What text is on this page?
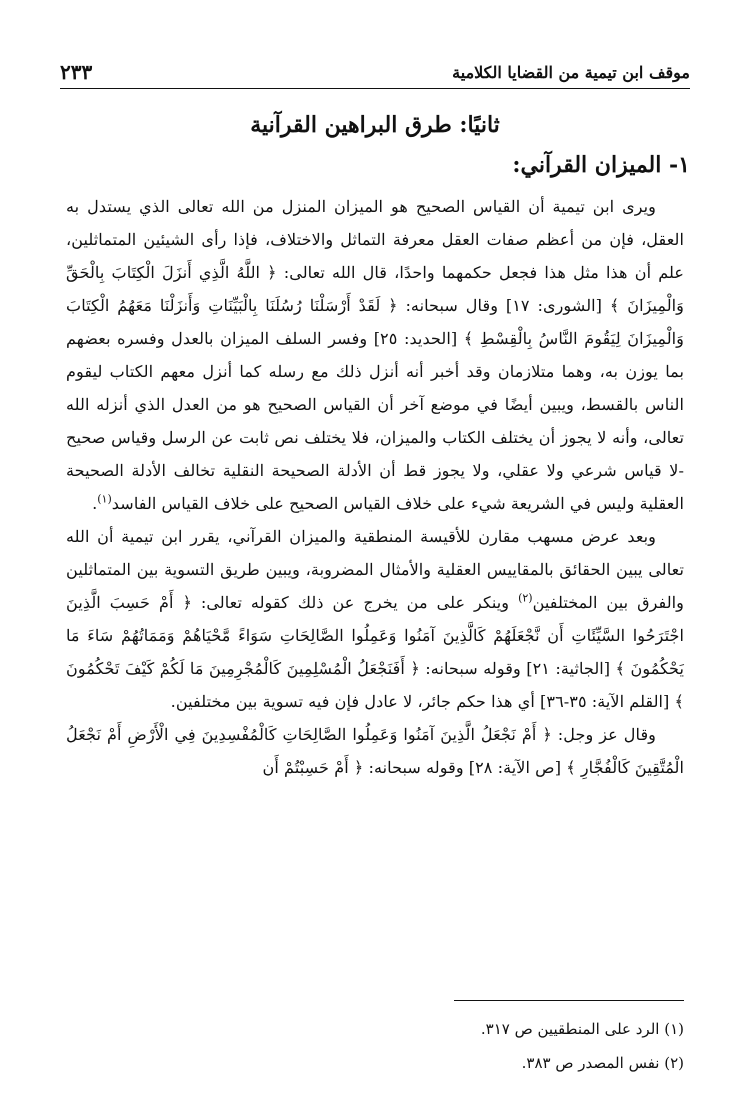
موقف ابن تيمية من القضايا الكلامية
٢٣٣
ثانيًا: طرق البراهين القرآنية
١- الميزان القرآني:

ويرى ابن تيمية أن القياس الصحيح هو الميزان المنزل من الله تعالى الذي يستدل به العقل، فإن من أعظم صفات العقل معرفة التماثل والاختلاف، فإذا رأى الشيئين المتماثلين، علم أن هذا مثل هذا فجعل حكمهما واحدًا، قال الله تعالى: ﴿ اللَّهُ الَّذِي أَنزَلَ الْكِتَابَ بِالْحَقِّ وَالْمِيزَانَ ﴾ [الشورى: ١٧] وقال سبحانه: ﴿ لَقَدْ أَرْسَلْنَا رُسُلَنَا بِالْبَيِّنَاتِ وَأَنزَلْنَا مَعَهُمُ الْكِتَابَ وَالْمِيزَانَ لِيَقُومَ النَّاسُ بِالْقِسْطِ ﴾ [الحديد: ٢٥] وفسر السلف الميزان بالعدل وفسره بعضهم بما يوزن به، وهما متلازمان وقد أخبر أنه أنزل ذلك مع رسله كما أنزل معهم الكتاب ليقوم الناس بالقسط، ويبين أيضًا في موضع آخر أن القياس الصحيح هو من العدل الذي أنزله الله تعالى، وأنه لا يجوز أن يختلف الكتاب والميزان، فلا يختلف نص ثابت عن الرسل وقياس صحيح -لا قياس شرعي ولا عقلي، ولا يجوز قط أن الأدلة الصحيحة النقلية تخالف الأدلة الصحيحة العقلية وليس في الشريعة شيء على خلاف القياس الصحيح على خلاف القياس الفاسد$^{(١)}$.

وبعد عرض مسهب مقارن للأقيسة المنطقية والميزان القرآني، يقرر ابن تيمية أن الله تعالى يبين الحقائق بالمقاييس العقلية والأمثال المضروبة، ويبين طريق التسوية بين المتماثلين والفرق بين المختلفين$^{(٢)}$ وينكر على من يخرج عن ذلك كقوله تعالى: ﴿ أَمْ حَسِبَ الَّذِينَ اجْتَرَحُوا السَّيِّئَاتِ أَن نَّجْعَلَهُمْ كَالَّذِينَ آمَنُوا وَعَمِلُوا الصَّالِحَاتِ سَوَاءً مَّحْيَاهُمْ وَمَمَاتُهُمْ سَاءَ مَا يَحْكُمُونَ ﴾ [الجاثية: ٢١] وقوله سبحانه: ﴿ أَفَنَجْعَلُ الْمُسْلِمِينَ كَالْمُجْرِمِينَ مَا لَكُمْ كَيْفَ تَحْكُمُونَ ﴾ [القلم الآية: ٣٥-٣٦] أي هذا حكم جائر، لا عادل فإن فيه تسوية بين مختلفين.

وقال عز وجل: ﴿ أَمْ نَجْعَلُ الَّذِينَ آمَنُوا وَعَمِلُوا الصَّالِحَاتِ كَالْمُفْسِدِينَ فِي الْأَرْضِ أَمْ نَجْعَلُ الْمُتَّقِينَ كَالْفُجَّارِ ﴾ [ص الآية: ٢٨] وقوله سبحانه: ﴿ أَمْ حَسِبْتُمْ أَن

(١) الرد على المنطقيين ص ٣١٧.
(٢) نفس المصدر ص ٣٨٣.
